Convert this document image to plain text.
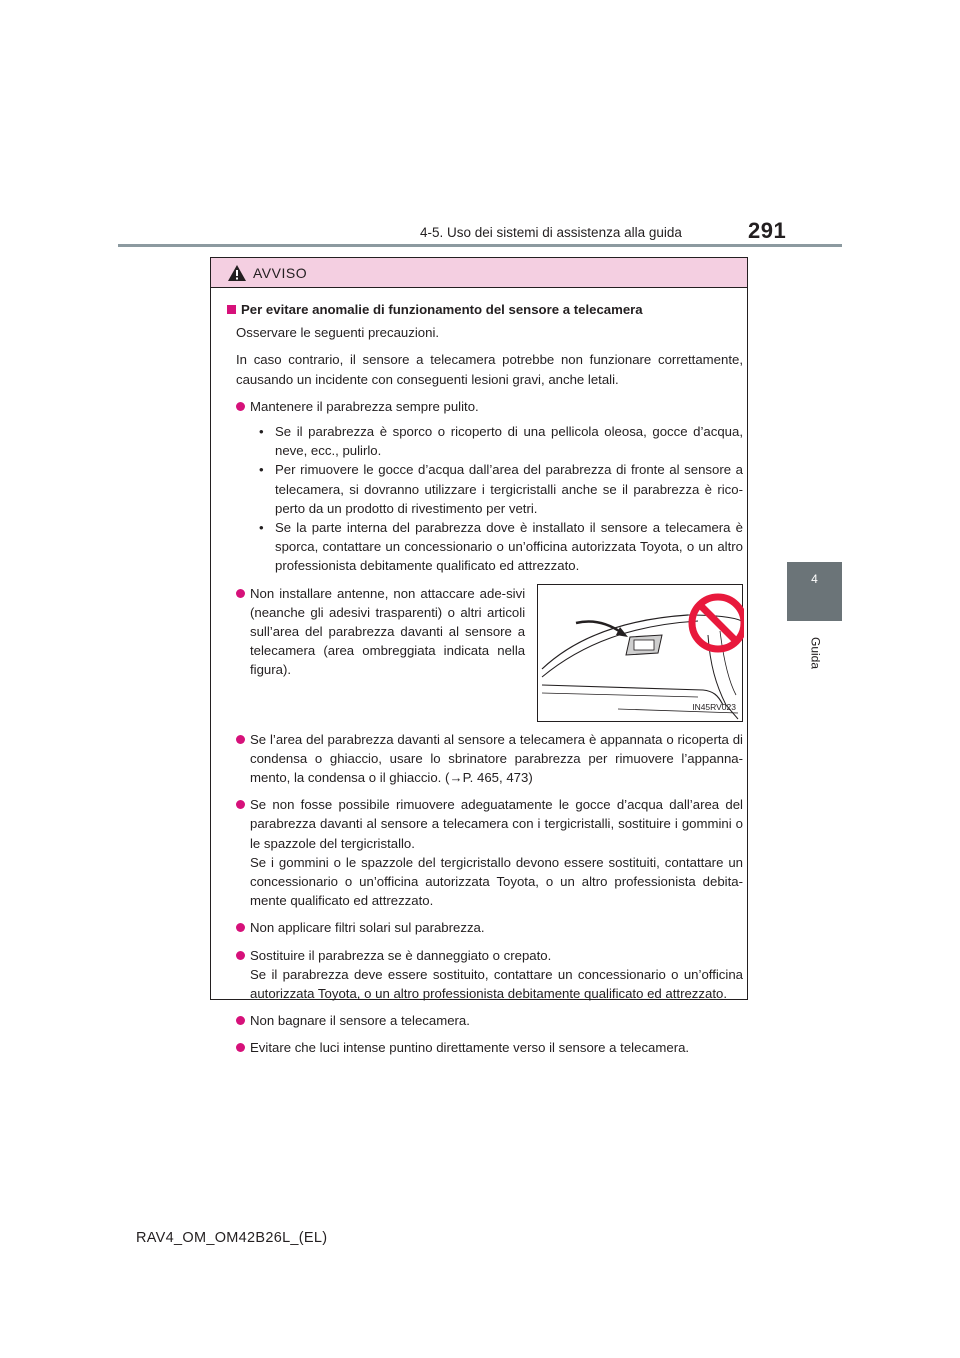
4-5. Uso dei sistemi di assistenza alla guida	291
4
Guida
AVVISO
Per evitare anomalie di funzionamento del sensore a telecamera
Osservare le seguenti precauzioni.
In caso contrario, il sensore a telecamera potrebbe non funzionare correttamente, causando un incidente con conseguenti lesioni gravi, anche letali.

Mantenere il parabrezza sempre pulito.

• Se il parabrezza è sporco o ricoperto di una pellicola oleosa, gocce d’acqua, neve, ecc., pulirlo.
• Per rimuovere le gocce d’acqua dall’area del parabrezza di fronte al sensore a telecamera, si dovranno utilizzare i tergicristalli anche se il parabrezza è rico-perto da un prodotto di rivestimento per vetri.
• Se la parte interna del parabrezza dove è installato il sensore a telecamera è sporca, contattare un concessionario o un’officina autorizzata Toyota, o un altro professionista debitamente qualificato ed attrezzato.

Non installare antenne, non attaccare ade-sivi (neanche gli adesivi trasparenti) o altri articoli sull’area del parabrezza davanti al sensore a telecamera (area ombreggiata indicata nella figura).

IN45RV023

Se l’area del parabrezza davanti al sensore a telecamera è appannata o ricoperta di condensa o ghiaccio, usare lo sbrinatore parabrezza per rimuovere l’appanna-mento, la condensa o il ghiaccio. (→P. 465, 473)

Se non fosse possibile rimuovere adeguatamente le gocce d’acqua dall’area del parabrezza davanti al sensore a telecamera con i tergicristalli, sostituire i gommini o le spazzole del tergicristallo.

Se i gommini o le spazzole del tergicristallo devono essere sostituiti, contattare un concessionario o un’officina autorizzata Toyota, o un altro professionista debita-mente qualificato ed attrezzato.

Non applicare filtri solari sul parabrezza.

Sostituire il parabrezza se è danneggiato o crepato.

Se il parabrezza deve essere sostituito, contattare un concessionario o un’officina autorizzata Toyota, o un altro professionista debitamente qualificato ed attrezzato.

Non bagnare il sensore a telecamera.

Evitare che luci intense puntino direttamente verso il sensore a telecamera.

RAV4_OM_OM42B26L_(EL)
